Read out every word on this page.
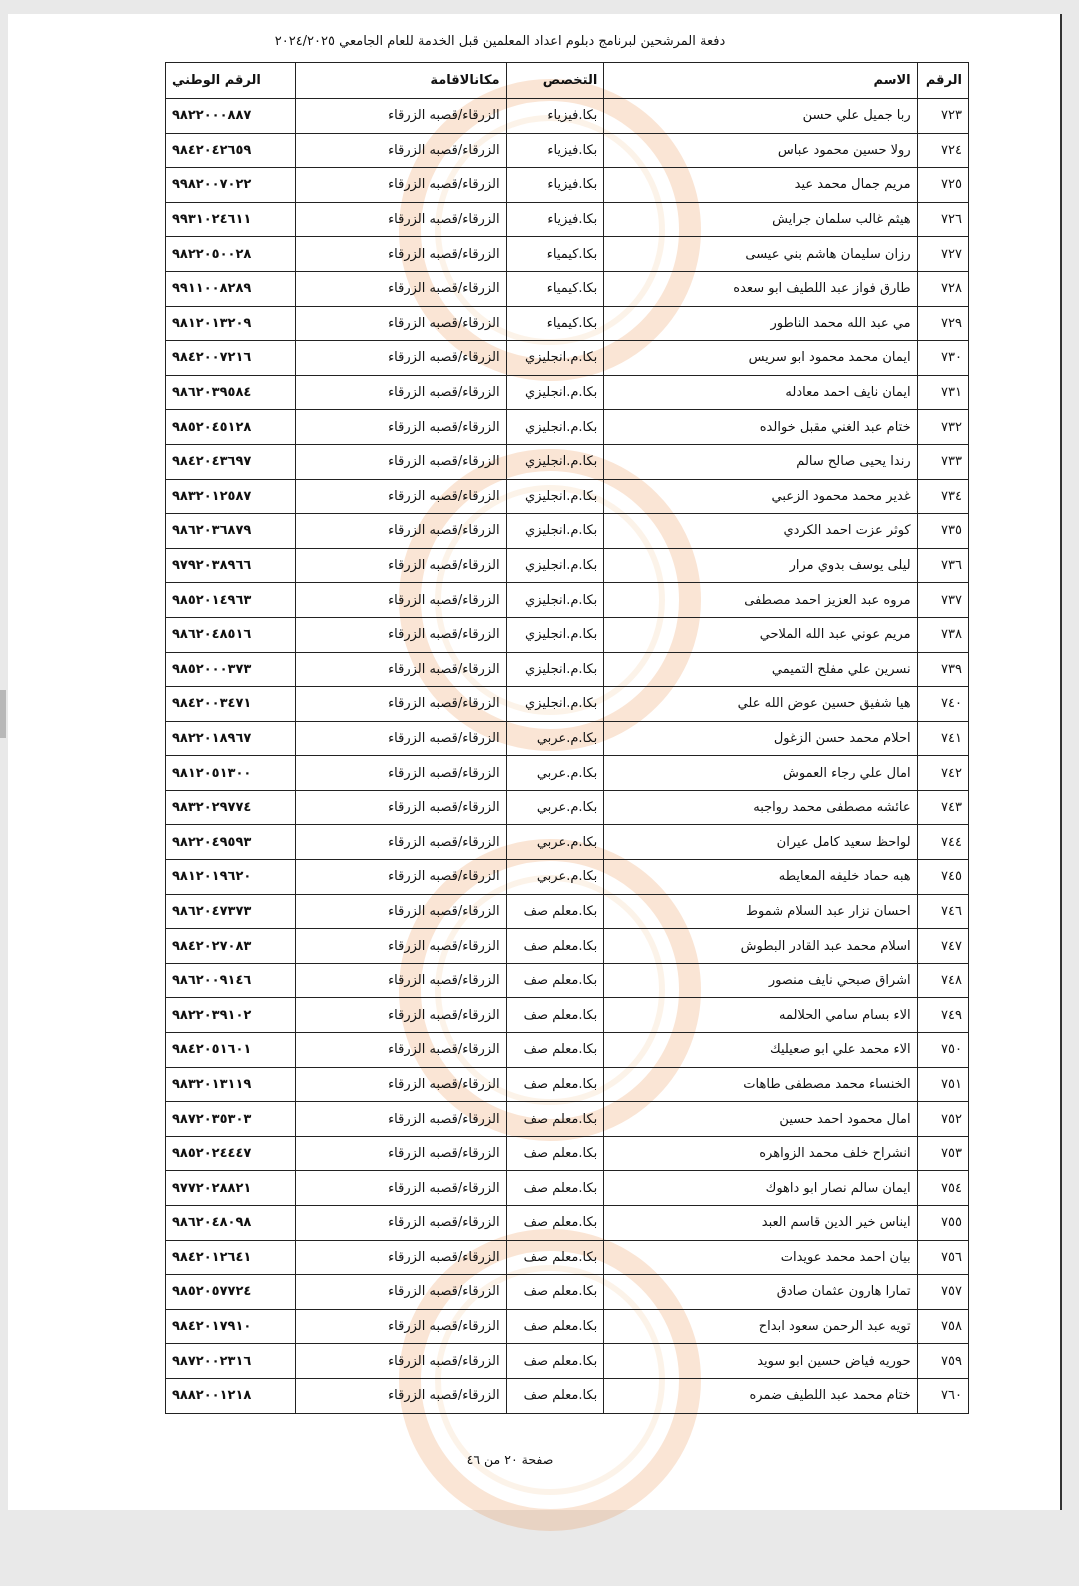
دفعة المرشحين لبرنامج دبلوم اعداد المعلمين قبل الخدمة للعام الجامعي ٢٠٢٤/٢٠٢٥
الرقم	الاسم	التخصص	مكانالاقامة	الرقم الوطني
٧٢٣	ربا جميل علي حسن	بكا.فيزياء	الزرقاء/قصبه الزرقاء	٩٨٢٢٠٠٠٨٨٧
٧٢٤	رولا حسين محمود عباس	بكا.فيزياء	الزرقاء/قصبه الزرقاء	٩٨٤٢٠٤٢٦٥٩
٧٢٥	مريم جمال محمد عيد	بكا.فيزياء	الزرقاء/قصبه الزرقاء	٩٩٨٢٠٠٧٠٢٢
٧٢٦	هيثم غالب سلمان جرايش	بكا.فيزياء	الزرقاء/قصبه الزرقاء	٩٩٣١٠٢٤٦١١
٧٢٧	رزان سليمان هاشم بني عيسى	بكا.كيمياء	الزرقاء/قصبه الزرقاء	٩٨٢٢٠٥٠٠٢٨
٧٢٨	طارق فواز عبد اللطيف ابو سعده	بكا.كيمياء	الزرقاء/قصبه الزرقاء	٩٩١١٠٠٨٢٨٩
٧٢٩	مي عبد الله محمد الناطور	بكا.كيمياء	الزرقاء/قصبه الزرقاء	٩٨١٢٠١٣٢٠٩
٧٣٠	ايمان محمد محمود ابو سريس	بكا.م.انجليزي	الزرقاء/قصبه الزرقاء	٩٨٤٢٠٠٧٢١٦
٧٣١	ايمان نايف احمد معادله	بكا.م.انجليزي	الزرقاء/قصبه الزرقاء	٩٨٦٢٠٣٩٥٨٤
٧٣٢	ختام عبد الغني مقبل خوالده	بكا.م.انجليزي	الزرقاء/قصبه الزرقاء	٩٨٥٢٠٤٥١٢٨
٧٣٣	رندا يحيى صالح سالم	بكا.م.انجليزي	الزرقاء/قصبه الزرقاء	٩٨٤٢٠٤٣٦٩٧
٧٣٤	غدير محمد محمود الزعبي	بكا.م.انجليزي	الزرقاء/قصبه الزرقاء	٩٨٣٢٠١٢٥٨٧
٧٣٥	كوثر عزت احمد الكردي	بكا.م.انجليزي	الزرقاء/قصبه الزرقاء	٩٨٦٢٠٣٦٨٧٩
٧٣٦	ليلى يوسف بدوي مرار	بكا.م.انجليزي	الزرقاء/قصبه الزرقاء	٩٧٩٢٠٣٨٩٦٦
٧٣٧	مروه عبد العزيز احمد مصطفى	بكا.م.انجليزي	الزرقاء/قصبه الزرقاء	٩٨٥٢٠١٤٩٦٣
٧٣٨	مريم عوني عبد الله الملاحي	بكا.م.انجليزي	الزرقاء/قصبه الزرقاء	٩٨٦٢٠٤٨٥١٦
٧٣٩	نسرين علي مفلح التميمي	بكا.م.انجليزي	الزرقاء/قصبه الزرقاء	٩٨٥٢٠٠٠٣٧٣
٧٤٠	هيا شفيق حسين عوض الله علي	بكا.م.انجليزي	الزرقاء/قصبه الزرقاء	٩٨٤٢٠٠٣٤٧١
٧٤١	احلام محمد حسن الزغول	بكا.م.عربي	الزرقاء/قصبه الزرقاء	٩٨٢٢٠١٨٩٦٧
٧٤٢	امال علي رجاء العموش	بكا.م.عربي	الزرقاء/قصبه الزرقاء	٩٨١٢٠٥١٣٠٠
٧٤٣	عائشه مصطفى محمد رواجبه	بكا.م.عربي	الزرقاء/قصبه الزرقاء	٩٨٣٢٠٢٩٧٧٤
٧٤٤	لواحظ سعيد كامل عيران	بكا.م.عربي	الزرقاء/قصبه الزرقاء	٩٨٢٢٠٤٩٥٩٣
٧٤٥	هبه حماد خليفه المعايطه	بكا.م.عربي	الزرقاء/قصبه الزرقاء	٩٨١٢٠١٩٦٢٠
٧٤٦	احسان نزار عبد السلام شموط	بكا.معلم صف	الزرقاء/قصبه الزرقاء	٩٨٦٢٠٤٧٣٧٣
٧٤٧	اسلام محمد عبد القادر البطوش	بكا.معلم صف	الزرقاء/قصبه الزرقاء	٩٨٤٢٠٢٧٠٨٣
٧٤٨	اشراق صبحي نايف منصور	بكا.معلم صف	الزرقاء/قصبه الزرقاء	٩٨٦٢٠٠٩١٤٦
٧٤٩	الاء بسام سامي الحلالمه	بكا.معلم صف	الزرقاء/قصبه الزرقاء	٩٨٢٢٠٣٩١٠٢
٧٥٠	الاء محمد علي ابو صعيليك	بكا.معلم صف	الزرقاء/قصبه الزرقاء	٩٨٤٢٠٥١٦٠١
٧٥١	الخنساء محمد مصطفى طاهات	بكا.معلم صف	الزرقاء/قصبه الزرقاء	٩٨٣٢٠١٣١١٩
٧٥٢	امال محمود احمد حسين	بكا.معلم صف	الزرقاء/قصبه الزرقاء	٩٨٧٢٠٣٥٣٠٣
٧٥٣	انشراح خلف محمد الزواهره	بكا.معلم صف	الزرقاء/قصبه الزرقاء	٩٨٥٢٠٢٤٤٤٧
٧٥٤	ايمان سالم نصار ابو داهوك	بكا.معلم صف	الزرقاء/قصبه الزرقاء	٩٧٧٢٠٢٨٨٢١
٧٥٥	ايناس خير الدين قاسم العبد	بكا.معلم صف	الزرقاء/قصبه الزرقاء	٩٨٦٢٠٤٨٠٩٨
٧٥٦	بيان احمد محمد عويدات	بكا.معلم صف	الزرقاء/قصبه الزرقاء	٩٨٤٢٠١٢٦٤١
٧٥٧	تمارا هارون عثمان صادق	بكا.معلم صف	الزرقاء/قصبه الزرقاء	٩٨٥٢٠٥٧٧٢٤
٧٥٨	تويه عبد الرحمن سعود ابداح	بكا.معلم صف	الزرقاء/قصبه الزرقاء	٩٨٤٢٠١٧٩١٠
٧٥٩	حوريه فياض حسين ابو سويد	بكا.معلم صف	الزرقاء/قصبه الزرقاء	٩٨٧٢٠٠٢٣١٦
٧٦٠	ختام محمد عبد اللطيف ضمره	بكا.معلم صف	الزرقاء/قصبه الزرقاء	٩٨٨٢٠٠١٢١٨
صفحة ٢٠ من ٤٦
